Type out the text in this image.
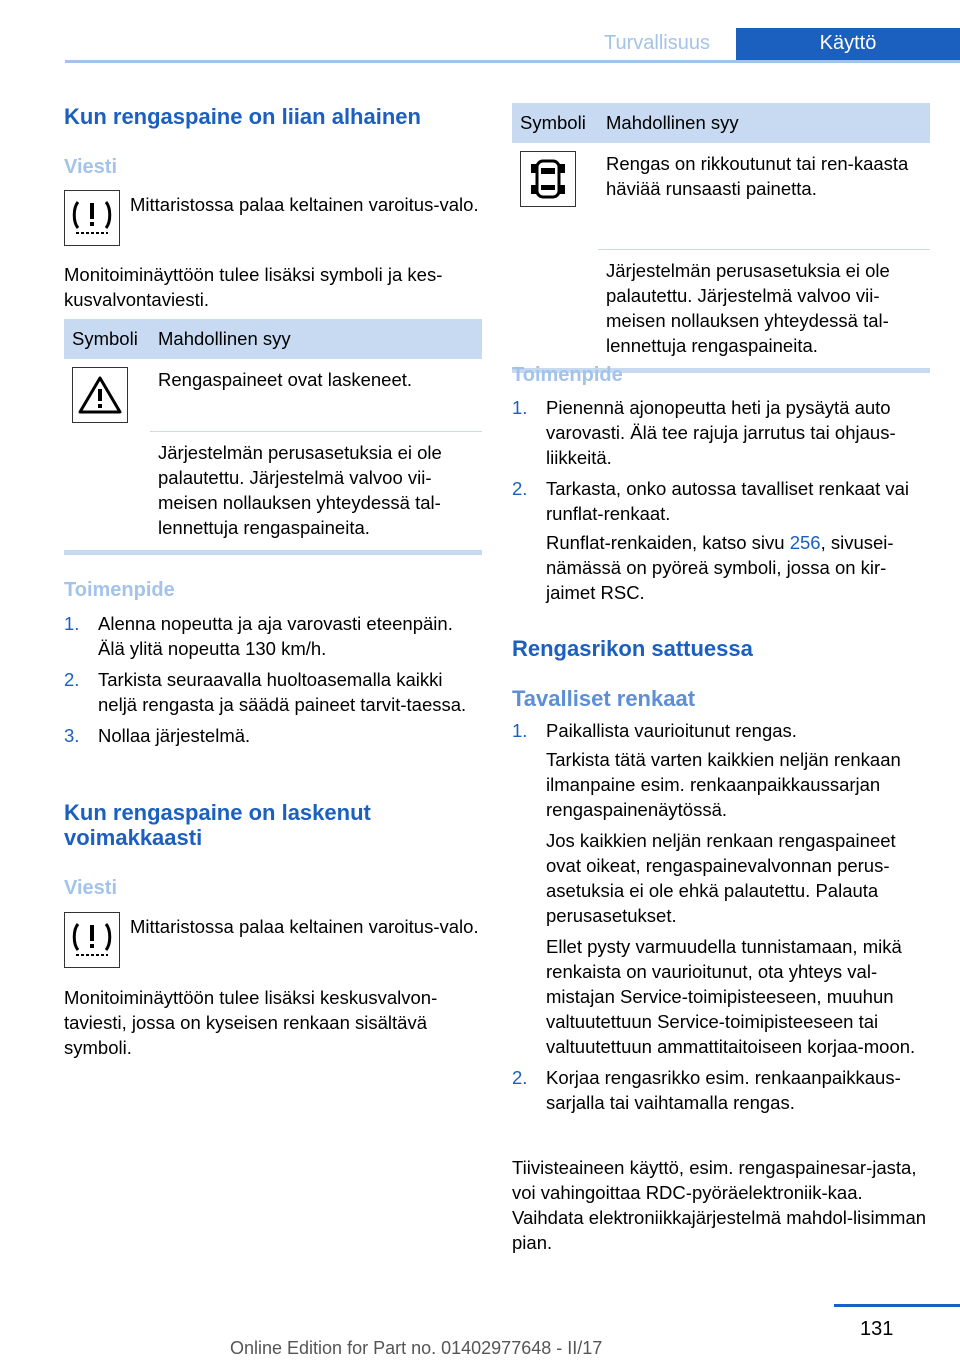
Turvallisuus	Käyttö
Kun rengaspaine on liian alhainen
Viesti
Mittaristossa palaa keltainen varoitus-valo.
Monitoiminäyttöön tulee lisäksi symboli ja kes-kusvalvontaviesti.
Symboli	Mahdollinen syy

	Rengaspaineet ovat laskeneet.
	Järjestelmän perusasetuksia ei ole palautettu. Järjestelmä valvoo vii-meisen nollauksen yhteydessä tal-lennettuja rengaspaineita.
Toimenpide
1.	Alenna nopeutta ja aja varovasti eteenpäin. Älä ylitä nopeutta 130 km/h.
2.	Tarkista seuraavalla huoltoasemalla kaikki neljä rengasta ja säädä paineet tarvit-taessa.
3.	Nollaa järjestelmä.
Kun rengaspaine on laskenut voimakkaasti
Viesti
Mittaristossa palaa keltainen varoitus-valo.
Monitoiminäyttöön tulee lisäksi keskusvalvon-taviesti, jossa on kyseisen renkaan sisältävä symboli.
Symboli	Mahdollinen syy

	Rengas on rikkoutunut tai ren-kaasta häviää runsaasti painetta.
	Järjestelmän perusasetuksia ei ole palautettu. Järjestelmä valvoo vii-meisen nollauksen yhteydessä tal-lennettuja rengaspaineita.
Toimenpide
1.	Pienennä ajonopeutta heti ja pysäytä auto varovasti. Älä tee rajuja jarrutus tai ohjaus-liikkeitä.
2.	Tarkasta, onko autossa tavalliset renkaat vai runflat-renkaat.
Runflat-renkaiden, katso sivu 256, sivusei-nämässä on pyöreä symboli, jossa on kir-jaimet RSC.
Rengasrikon sattuessa
Tavalliset renkaat
1.	Paikallista vaurioitunut rengas.
Tarkista tätä varten kaikkien neljän renkaan ilmanpaine esim. renkaanpaikkaussarjan rengaspainenäytössä.
Jos kaikkien neljän renkaan rengaspaineet ovat oikeat, rengaspainevalvonnan perus-asetuksia ei ole ehkä palautettu. Palauta perusasetukset.
Ellet pysty varmuudella tunnistamaan, mikä renkaista on vaurioitunut, ota yhteys val-mistajan Service-toimipisteeseen, muuhun valtuutettuun Service-toimipisteeseen tai valtuutettuun ammattitaitoiseen korjaa-moon.
2.	Korjaa rengasrikko esim. renkaanpaikkaus-sarjalla tai vaihtamalla rengas.
Tiivisteaineen käyttö, esim. rengaspainesar-jasta, voi vahingoittaa RDC-pyöräelektroniik-kaa. Vaihdata elektroniikkajärjestelmä mahdol-lisimman pian.
131
Online Edition for Part no. 01402977648 - II/17
